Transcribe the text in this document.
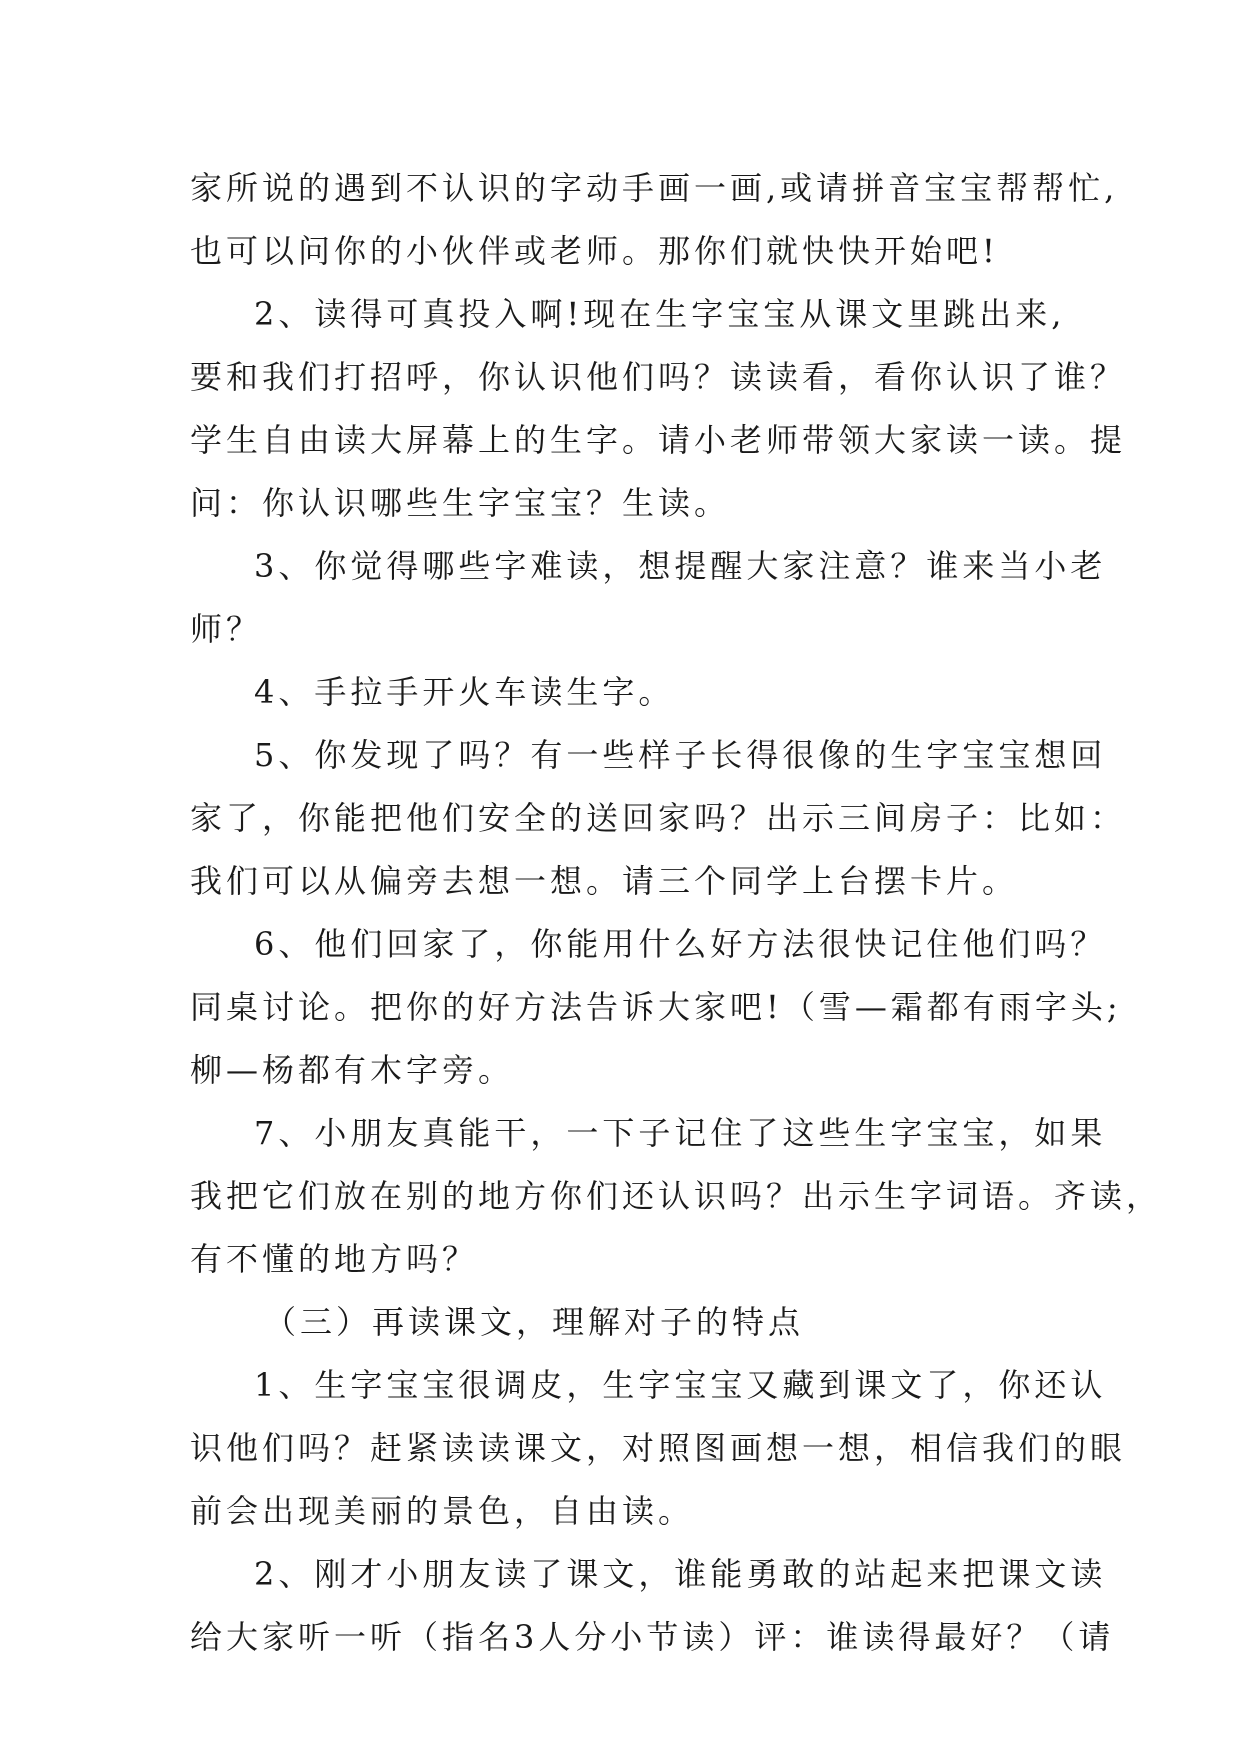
家所说的遇到不认识的字动手画一画,或请拼音宝宝帮帮忙,
也可以问你的小伙伴或老师。那你们就快快开始吧!
2、读得可真投入啊!现在生字宝宝从课文里跳出来,
要和我们打招呼，你认识他们吗？读读看，看你认识了谁？
学生自由读大屏幕上的生字。请小老师带领大家读一读。提
问：你认识哪些生字宝宝？生读。
3、你觉得哪些字难读，想提醒大家注意？谁来当小老
师？
4、手拉手开火车读生字。
5、你发现了吗？有一些样子长得很像的生字宝宝想回
家了，你能把他们安全的送回家吗？出示三间房子：比如：
我们可以从偏旁去想一想。请三个同学上台摆卡片。
6、他们回家了，你能用什么好方法很快记住他们吗？
同桌讨论。把你的好方法告诉大家吧!（雪—霜都有雨字头;
柳—杨都有木字旁。
7、小朋友真能干，一下子记住了这些生字宝宝，如果
我把它们放在别的地方你们还认识吗？出示生字词语。齐读，
有不懂的地方吗？
（三）再读课文，理解对子的特点
1、生字宝宝很调皮，生字宝宝又藏到课文了，你还认
识他们吗？赶紧读读课文，对照图画想一想，相信我们的眼
前会出现美丽的景色，自由读。
2、刚才小朋友读了课文，谁能勇敢的站起来把课文读
给大家听一听（指名3人分小节读）评：谁读得最好？（请
